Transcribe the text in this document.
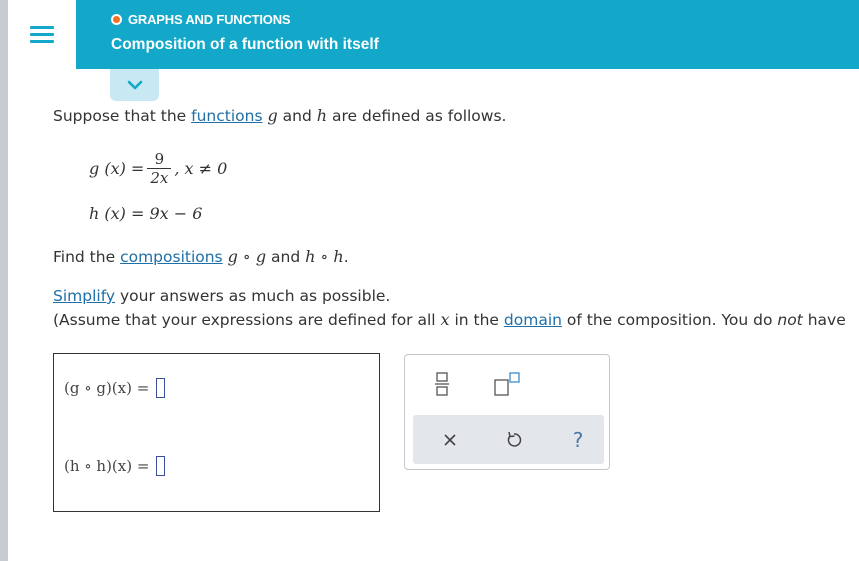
GRAPHS AND FUNCTIONS
Composition of a function with itself
Suppose that the functions g and h are defined as follows.
g $(x) = \frac{9}{2x}$ , x ≠ 0
h (x) = 9x − 6
Find the compositions g ∘ g and h ∘ h.
Simplify your answers as much as possible.
(Assume that your expressions are defined for all x in the domain of the composition. You do not have
(g ∘ g)(x) =
(h ∘ h)(x) =
?
